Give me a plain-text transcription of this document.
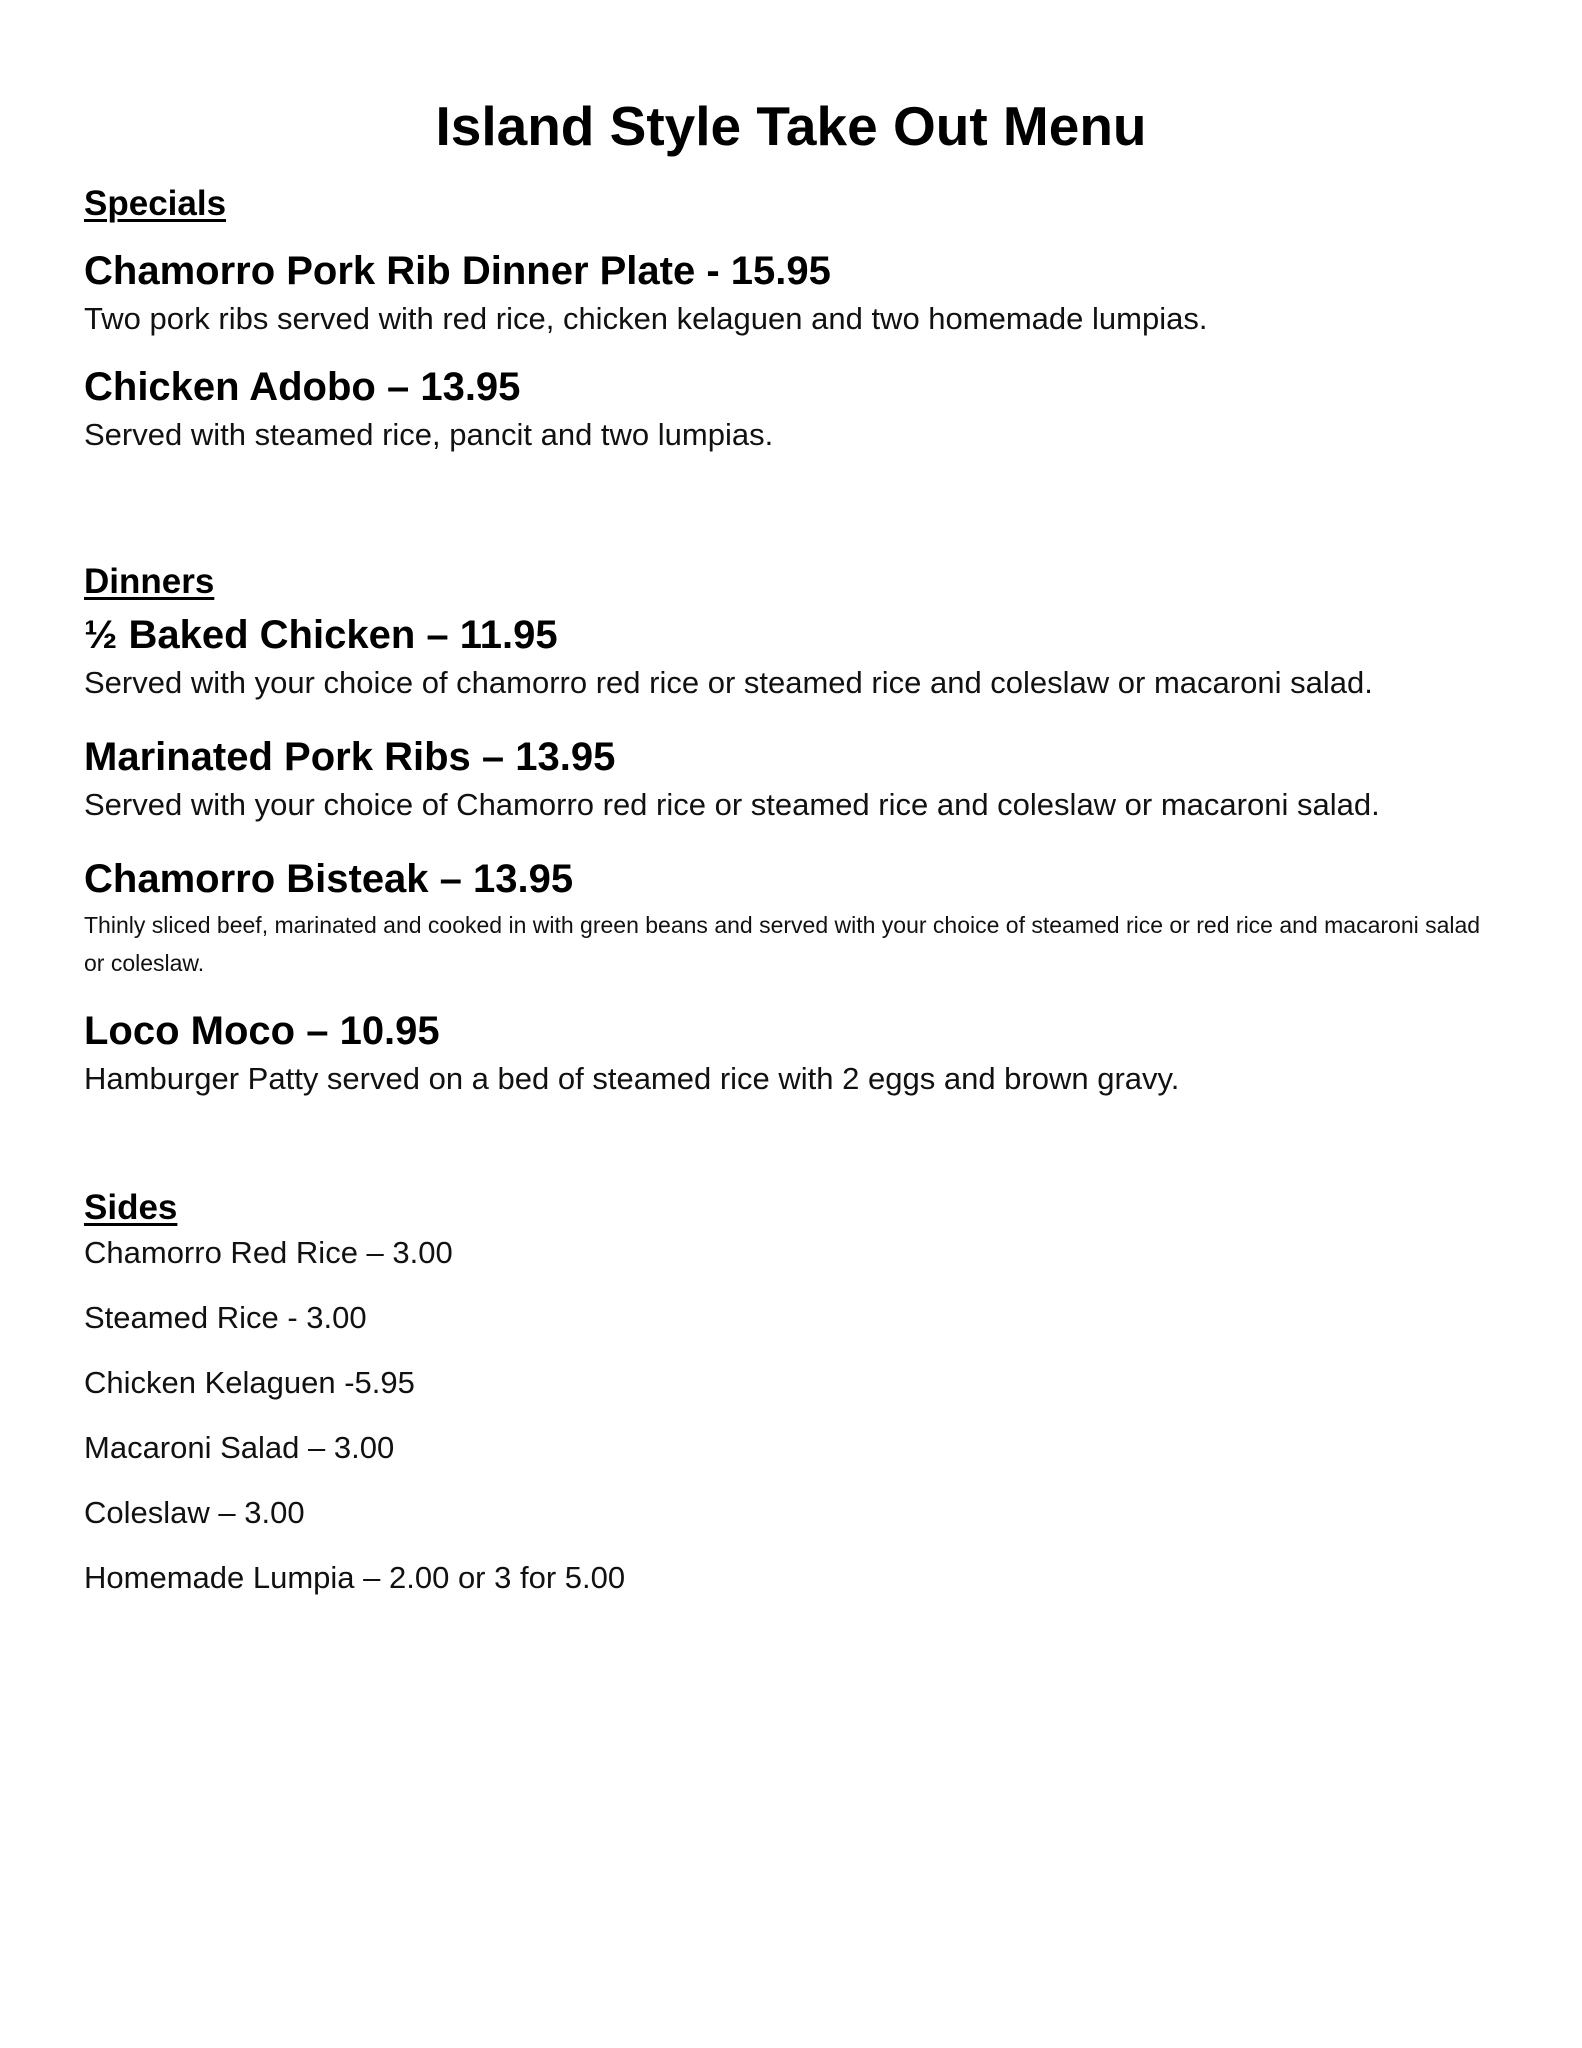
Island Style Take Out Menu
Specials
Chamorro Pork Rib Dinner Plate - 15.95
Two pork ribs served with red rice, chicken kelaguen and two homemade lumpias.
Chicken Adobo – 13.95
Served with steamed rice, pancit and two lumpias.
Dinners
½ Baked Chicken – 11.95
Served with your choice of chamorro red rice or steamed rice and coleslaw or macaroni salad.
Marinated Pork Ribs – 13.95
Served with your choice of Chamorro red rice or steamed rice and coleslaw or macaroni salad.
Chamorro Bisteak – 13.95
Thinly sliced beef, marinated and cooked in with green beans and served with your choice of steamed rice or red rice and macaroni salad or coleslaw.
Loco Moco – 10.95
Hamburger Patty served on a bed of steamed rice with 2 eggs and brown gravy.
Sides
Chamorro Red Rice – 3.00
Steamed Rice - 3.00
Chicken Kelaguen -5.95
Macaroni Salad – 3.00
Coleslaw – 3.00
Homemade Lumpia – 2.00 or 3 for 5.00
